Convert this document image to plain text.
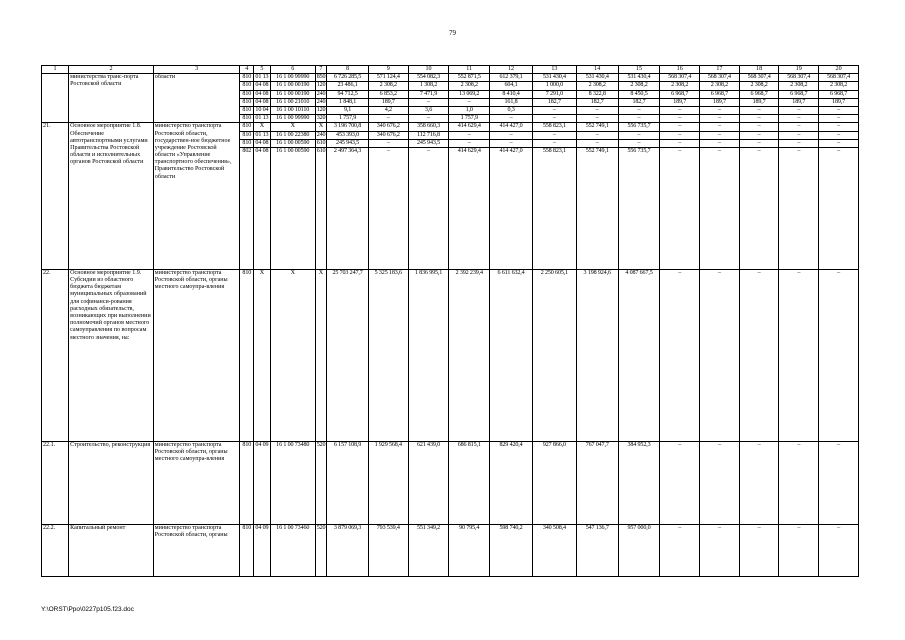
79
1	2	3	4	5	6	7	8	9	10	11	12	13	14	15	16	17	18	19	20
	министерства транс-порта Ростовской области	области	810	01 13	16 1 00 99990	850	6 726 285,5	571 124,4	554 082,3	552 871,5	612 379,1	531 430,4	531 430,4	531 430,4	568 307,4	568 307,4	568 307,4	568 307,4	568 307,4
			810	04 08	16 1 00 00190	120	23 486,1	2 308,2	1 308,2	2 308,2	604,1	1 000,0	2 308,2	2 308,2	2 308,2	2 308,2	2 308,2	2 308,2	2 308,2
			810	04 08	16 1 00 00190	240	94 712,5	6 853,2	7 471,9	13 069,2	8 410,4	7 291,0	8 322,8	8 450,5	6 968,7	6 968,7	6 968,7	6 968,7	6 968,7
			810	04 08	16 1 00 21010	240	1 848,1	189,7	–	–	161,8	182,7	182,7	182,7	189,7	189,7	189,7	189,7	189,7
			810	10 04	16 1 00 10110	120	9,1	4,2	3,6	1,0	0,3	–	–	–	–	–	–	–	–
			810	01 13	16 1 00 99990	320	1 757,9	–	–	1 757,9	–	–	–	–	–	–	–	–	–
21.	Основное мероприятие 1.8. Обеспечение автотранспортными услугами Правительства Ростовской области и исполнительных органов Ростовской области	министерство транспорта Ростовской области, государствен-ное бюджетное учреждение Ростовской области «Управление транспортного обеспечения», Правительство Ростовской области	810	X	X	X	3 196 700,8	340 676,2	358 660,3	414 629,4	414 427,0	558 823,1	552 749,1	556 735,7	–	–	–	–	–
			810	01 13	16 1 00 22380	240	453 393,0	340 676,2	112 716,8	–	–	–	–	–	–	–	–	–	–
			810	04 08	16 1 00 00590	610	245 943,5	–	245 943,5	–	–	–	–	–	–	–	–	–	–
			802	04 08	16 1 00 00590	610	2 497 364,3	–	–	414 629,4	414 427,0	558 823,1	552 749,1	556 735,7	–	–	–	–	–
22.	Основное мероприятие 1.9. Субсидии из областного бюджета бюджетам муниципальных образований для софинанси-рования расходных обязательств, возникающих при выполнении полномочий органов местного самоуправления по вопросам местного значения, на:	министерство транспорта Ростовской области, органы местного самоупра-вления	810	X	X	X	25 703 247,7	5 325 183,6	1 836 995,1	2 392 239,4	6 611 632,4	2 250 605,1	3 198 924,6	4 087 667,5	–	–	–	–	–
22.1.	Строительство, реконструкция	министерство транспорта Ростовской области, органы местного самоупра-вления	810	04 09	16 1 00 73480	520	6 157 108,9	1 929 568,4	621 439,0	686 815,1	829 420,4	927 866,0	767 047,7	384 952,3	–	–	–	–	–
22.2.	Капитальный ремонт	министерство транспорта Ростовской области, органы	810	04 09	16 1 00 73460	520	3 879 069,3	793 539,4	551 349,2	90 795,4	598 740,2	340 508,4	547 136,7	957 000,0	–	–	–	–	–
Y:\ORST\Ppo\0227p105.f23.doc
